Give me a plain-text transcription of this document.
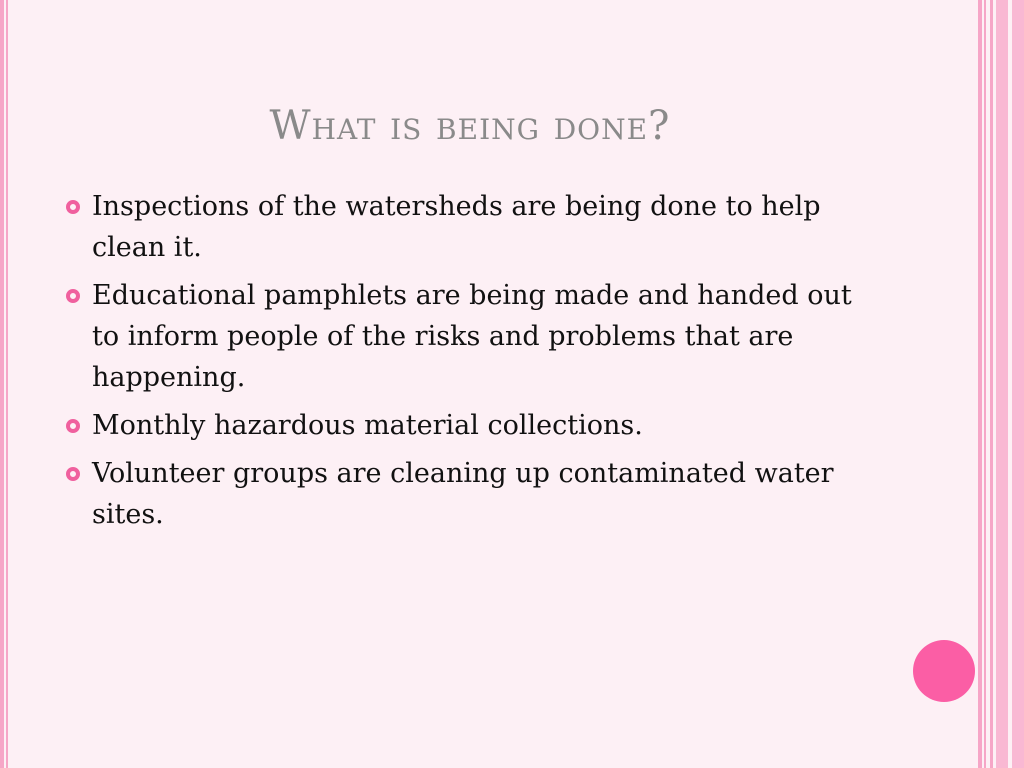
What is being done?
Inspections of the watersheds are being done to help clean it.
Educational pamphlets are being made and handed out to inform people of the risks and problems that are happening.
Monthly hazardous material collections.
Volunteer groups are cleaning up contaminated water sites.
